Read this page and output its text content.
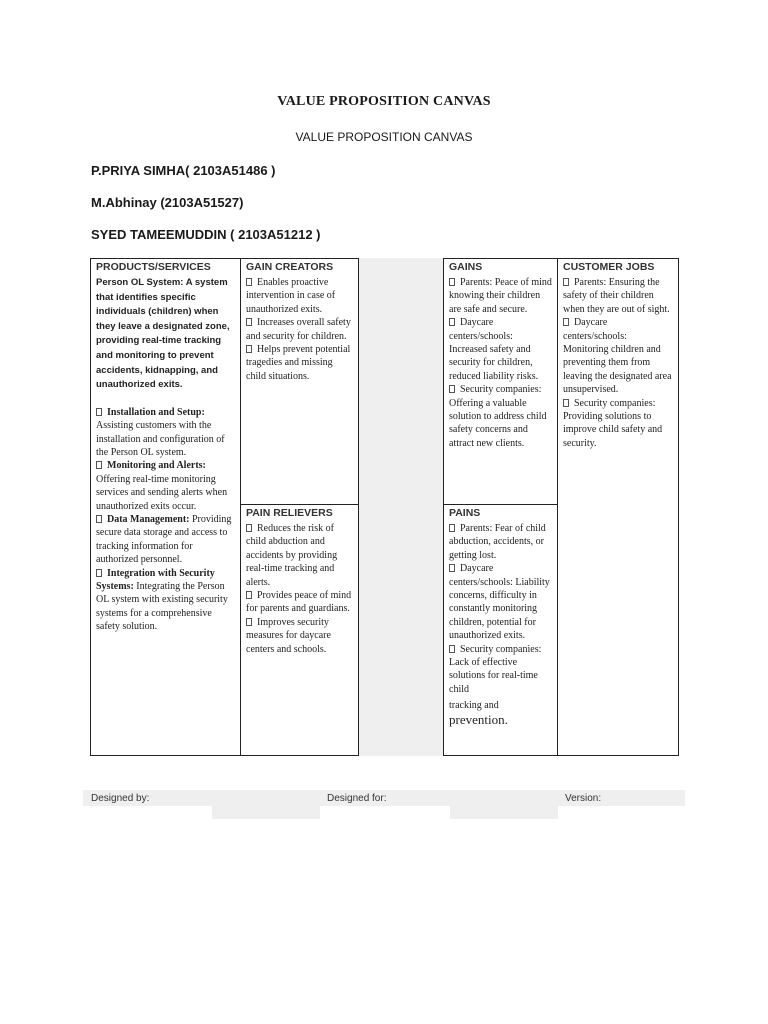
VALUE PROPOSITION CANVAS
VALUE PROPOSITION CANVAS
P.PRIYA SIMHA( 2103A51486 )
M.Abhinay (2103A51527)
SYED TAMEEMUDDIN ( 2103A51212 )
PRODUCTS/SERVICES
Person OL System: A system that identifies specific individuals (children) when they leave a designated zone, providing real-time tracking and monitoring to prevent accidents, kidnapping, and unauthorized exits.
Installation and Setup: Assisting customers with the installation and configuration of the Person OL system.
Monitoring and Alerts: Offering real-time monitoring services and sending alerts when unauthorized exits occur.
Data Management: Providing secure data storage and access to tracking information for authorized personnel.
Integration with Security Systems: Integrating the Person OL system with existing security systems for a comprehensive safety solution.
GAIN CREATORS
Enables proactive intervention in case of unauthorized exits.
Increases overall safety and security for children.
Helps prevent potential tragedies and missing child situations.
PAIN RELIEVERS
Reduces the risk of child abduction and accidents by providing real-time tracking and alerts.
Provides peace of mind for parents and guardians.
Improves security measures for daycare centers and schools.
GAINS
Parents: Peace of mind knowing their children are safe and secure.
Daycare centers/schools: Increased safety and security for children, reduced liability risks.
Security companies: Offering a valuable solution to address child safety concerns and attract new clients.
PAINS
Parents: Fear of child abduction, accidents, or getting lost.
Daycare centers/schools: Liability concerns, difficulty in constantly monitoring children, potential for unauthorized exits.
Security companies: Lack of effective solutions for real-time child
tracking and
prevention.
CUSTOMER JOBS
Parents: Ensuring the safety of their children when they are out of sight.
Daycare centers/schools: Monitoring children and preventing them from leaving the designated area unsupervised.
Security companies: Providing solutions to improve child safety and security.
Designed by:	Designed for:	Version:
